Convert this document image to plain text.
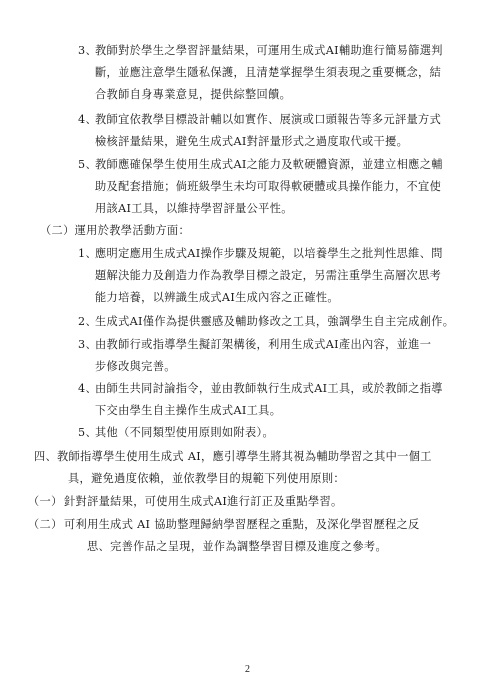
3、
教師對於學生之學習評量結果，可運用生成式AI輔助進行簡易篩選判
斷，並應注意學生隱私保護，且清楚掌握學生須表現之重要概念，結
合教師自身專業意見，提供綜整回饋。
4、
教師宜依教學目標設計輔以如實作、展演或口頭報告等多元評量方式
檢核評量結果，避免生成式AI對評量形式之過度取代或干擾。
5、
教師應確保學生使用生成式AI之能力及軟硬體資源，並建立相應之輔
助及配套措施；倘班級學生未均可取得軟硬體或具操作能力，不宜使
用該AI工具，以維持學習評量公平性。
（二）運用於教學活動方面：
1、
應明定應用生成式AI操作步驟及規範，以培養學生之批判性思維、問
題解決能力及創造力作為教學目標之設定，另需注重學生高層次思考
能力培養，以辨識生成式AI生成內容之正確性。
2、
生成式AI僅作為提供靈感及輔助修改之工具，強調學生自主完成創作。
3、
由教師行或指導學生擬訂架構後，利用生成式AI產出內容，並進一
步修改與完善。
4、
由師生共同討論指令，並由教師執行生成式AI工具，或於教師之指導
下交由學生自主操作生成式AI工具。
5、
其他（不同類型使用原則如附表）。
四、 教師指導學生使用生成式 AI，應引導學生將其視為輔助學習之其中一個工
具，避免過度依賴，並依教學目的規範下列使用原則：
（一） 針對評量結果，可使用生成式AI進行訂正及重點學習。
（二） 可利用生成式 AI 協助整理歸納學習歷程之重點，及深化學習歷程之反
思、完善作品之呈現，並作為調整學習目標及進度之參考。
2
